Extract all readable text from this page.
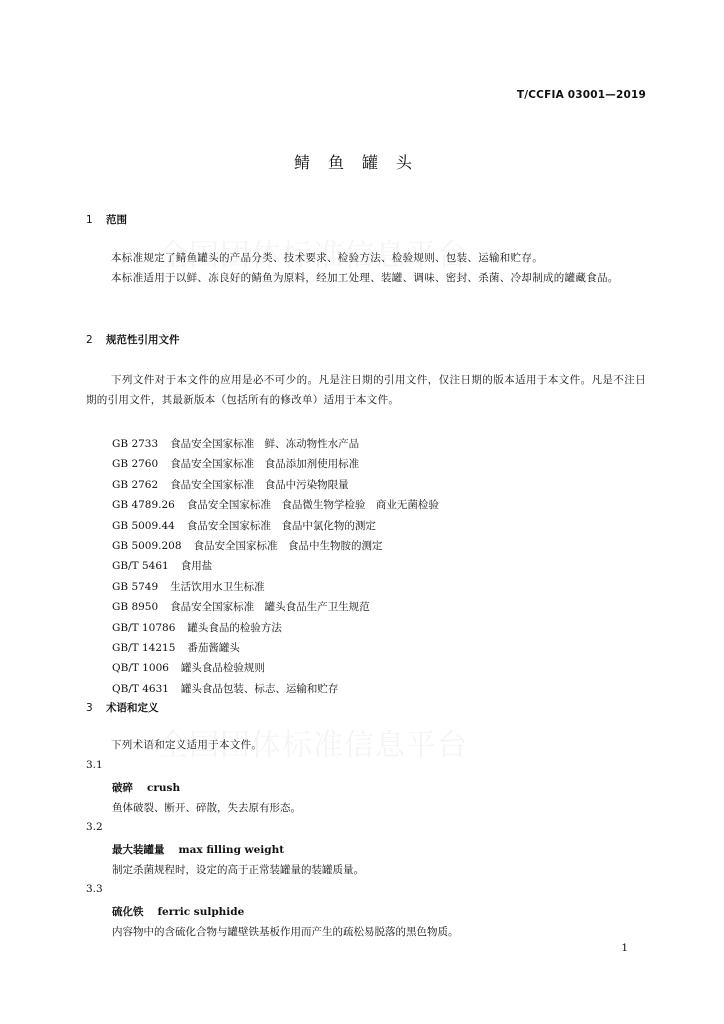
T/CCFIA 03001—2019
鲭鱼罐头
1 范围
本标准规定了鲭鱼罐头的产品分类、技术要求、检验方法、检验规则、包装、运输和贮存。
本标准适用于以鲜、冻良好的鲭鱼为原料，经加工处理、装罐、调味、密封、杀菌、冷却制成的罐藏食品。
2 规范性引用文件
下列文件对于本文件的应用是必不可少的。凡是注日期的引用文件，仅注日期的版本适用于本文件。凡是不注日期的引用文件，其最新版本（包括所有的修改单）适用于本文件。
GB 2733 食品安全国家标准　鲜、冻动物性水产品
GB 2760 食品安全国家标准　食品添加剂使用标准
GB 2762 食品安全国家标准　食品中污染物限量
GB 4789.26 食品安全国家标准　食品微生物学检验　商业无菌检验
GB 5009.44 食品安全国家标准　食品中氯化物的测定
GB 5009.208 食品安全国家标准　食品中生物胺的测定
GB/T 5461 食用盐
GB 5749 生活饮用水卫生标准
GB 8950 食品安全国家标准　罐头食品生产卫生规范
GB/T 10786 罐头食品的检验方法
GB/T 14215 番茄酱罐头
QB/T 1006 罐头食品检验规则
QB/T 4631 罐头食品包装、标志、运输和贮存
3 术语和定义
下列术语和定义适用于本文件。
3.1
破碎 crush
鱼体破裂、断开、碎散，失去原有形态。
3.2
最大装罐量 max filling weight
制定杀菌规程时，设定的高于正常装罐量的装罐质量。
3.3
硫化铁 ferric sulphide
内容物中的含硫化合物与罐壁铁基板作用而产生的疏松易脱落的黑色物质。
1
